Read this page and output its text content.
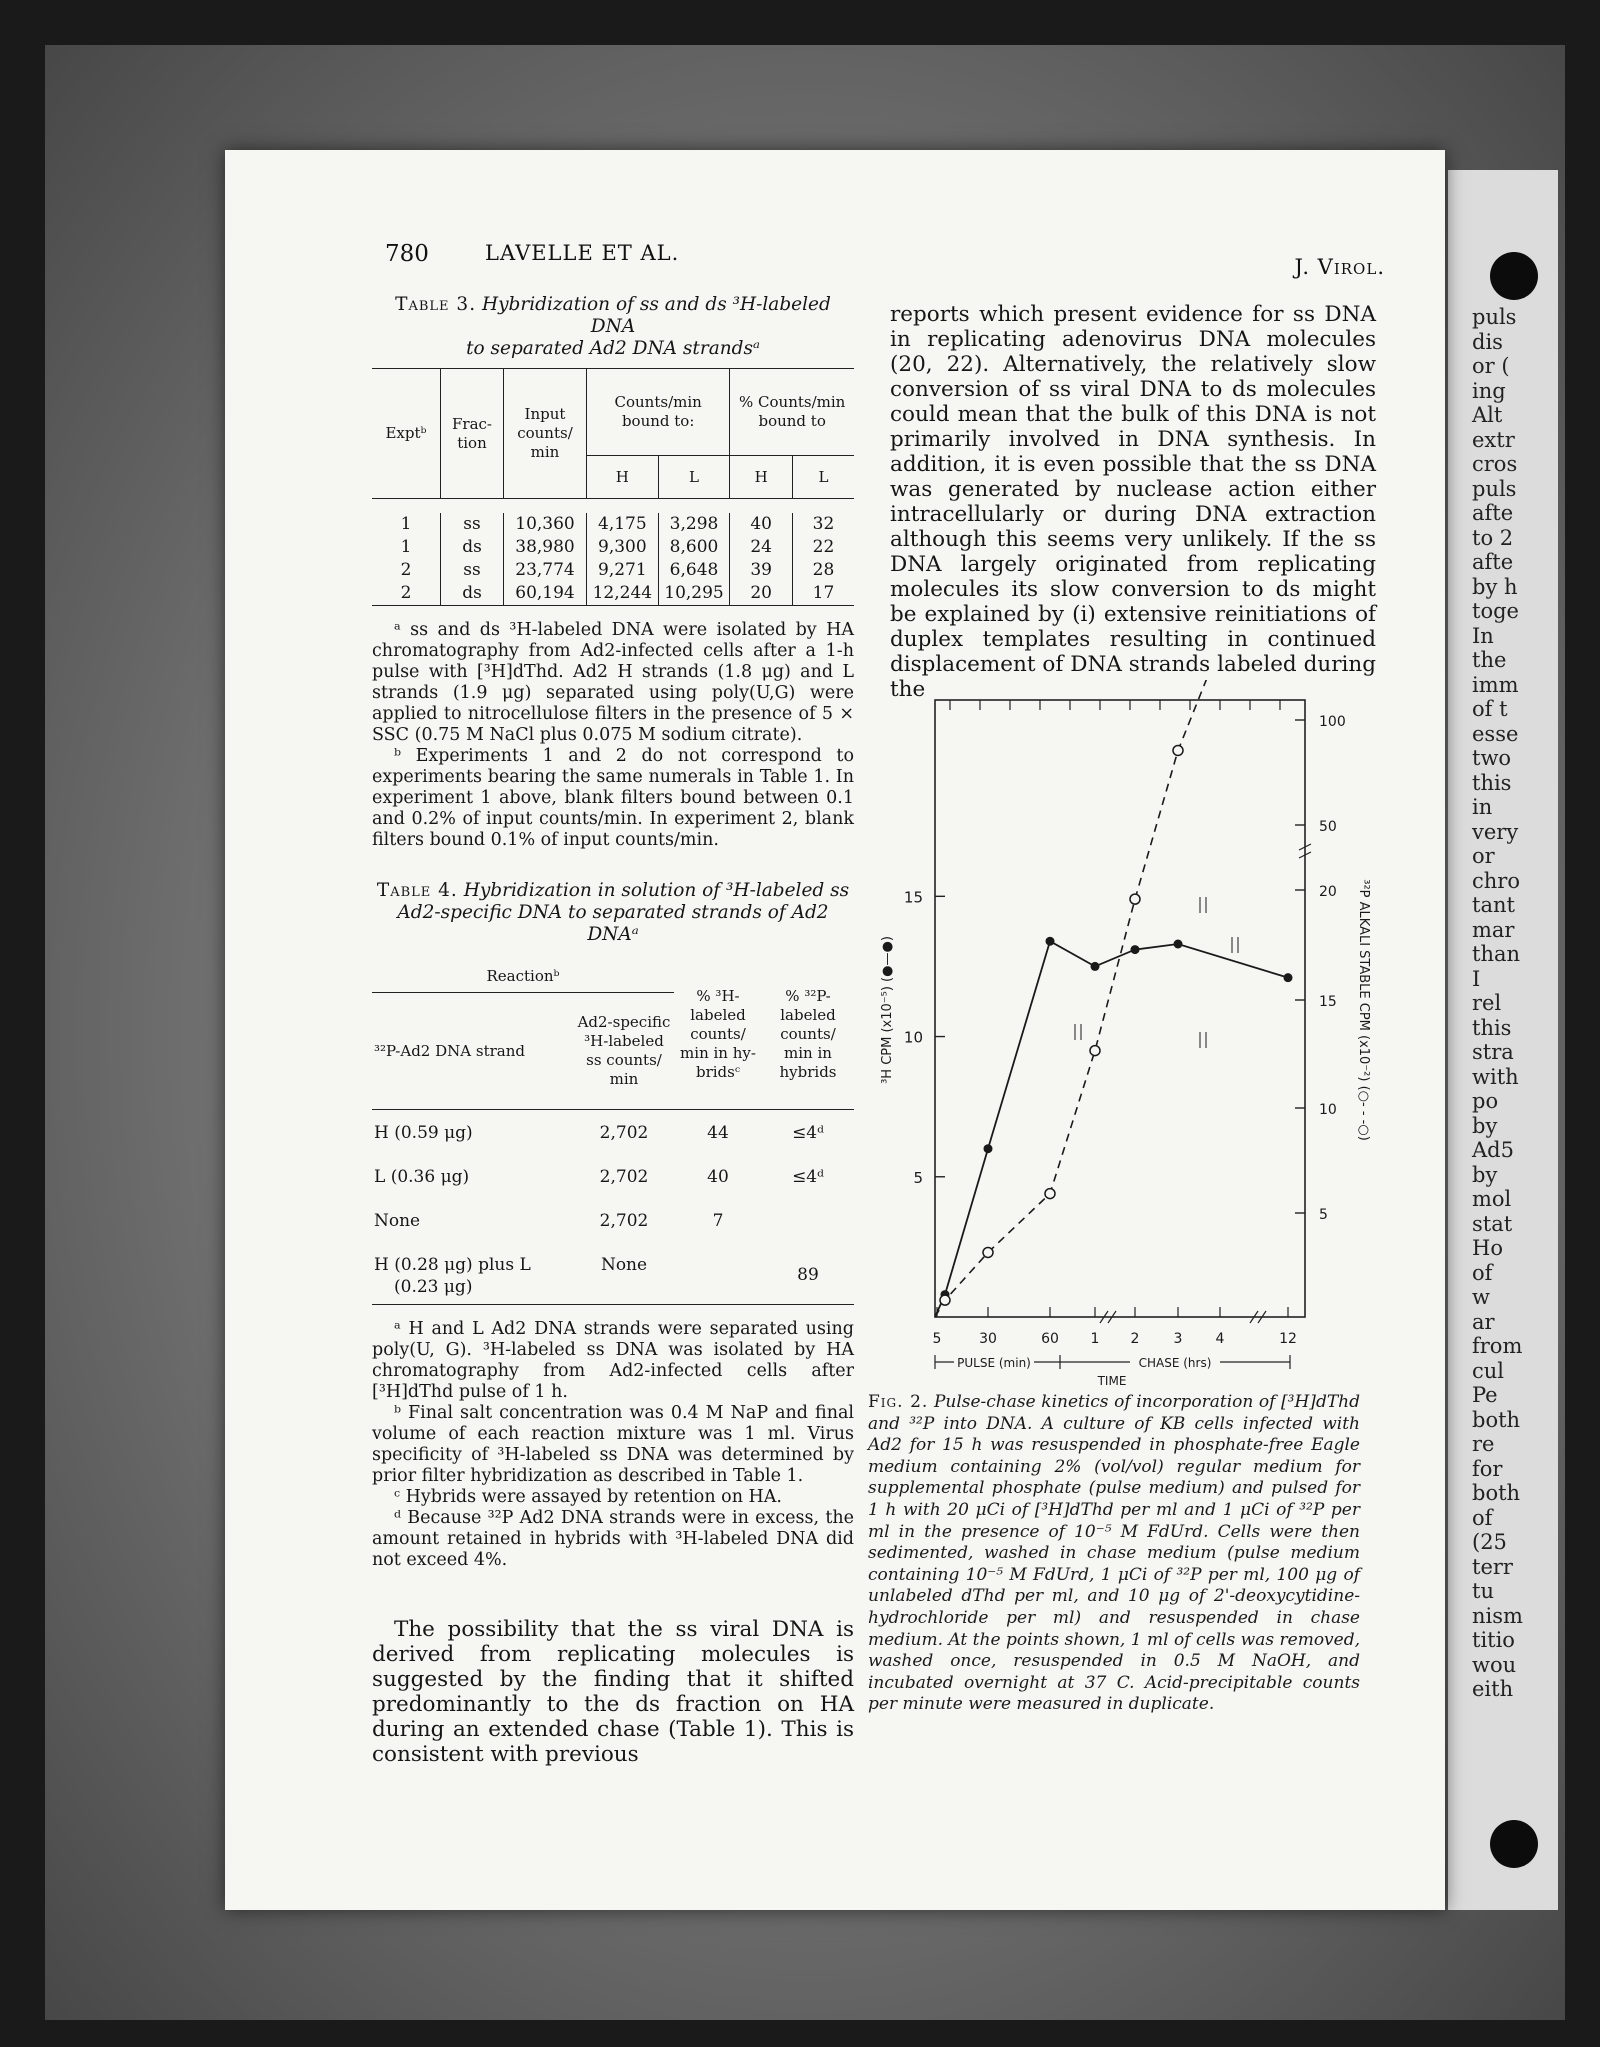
puls
dis
or (
ing
Alt
extr
cros
puls
afte
to 2
afte
by h
toge
In
the
imm
of t
esse
two
this
in
very
or
chro
tant
mar
than
I
rel
this
stra
with
po
by
Ad5
by
mol
stat
Ho
of
w
ar
from
cul
Pe
both
re
for
both
of
(25
terr
tu
nism
titio
wou
eith
780	LAVELLE ET AL.
J. Virol.
Table 3. Hybridization of ss and ds ³H-labeled DNA
to separated Ad2 DNA strandsᵃ
Exptᵇ	Frac-tion	Input counts/ min	Counts/min bound to:		% Counts/min bound to	
			H	L	H	L

1	ss	10,360	4,175	3,298	40	32
1	ds	38,980	9,300	8,600	24	22
2	ss	23,774	9,271	6,648	39	28
2	ds	60,194	12,244	10,295	20	17

ᵃ ss and ds ³H-labeled DNA were isolated by HA chromatography from Ad2-infected cells after a 1-h pulse with [³H]dThd. Ad2 H strands (1.8 μg) and L strands (1.9 μg) separated using poly(U,G) were applied to nitrocellulose filters in the presence of 5 × SSC (0.75 M NaCl plus 0.075 M sodium citrate).

ᵇ Experiments 1 and 2 do not correspond to experiments bearing the same numerals in Table 1. In experiment 1 above, blank filters bound between 0.1 and 0.2% of input counts/min. In experiment 2, blank filters bound 0.1% of input counts/min.

Table 4. Hybridization in solution of ³H-labeled ss
Ad2-specific DNA to separated strands of Ad2 DNAᵃ
Reactionᵇ		% ³H-labeled counts/ min in hy-bridsᶜ	% ³²P-labeled counts/ min in hybrids
³²P-Ad2 DNA strand	Ad2-specific ³H-labeled ss counts/ min		

H (0.59 μg)	2,702	44	≤4ᵈ
L (0.36 μg)	2,702	40	≤4ᵈ
None	2,702	7	
H (0.28 μg) plus L
(0.23 μg)	None		89

ᵃ H and L Ad2 DNA strands were separated using poly(U, G). ³H-labeled ss DNA was isolated by HA chromatography from Ad2-infected cells after [³H]dThd pulse of 1 h.

ᵇ Final salt concentration was 0.4 M NaP and final volume of each reaction mixture was 1 ml. Virus specificity of ³H-labeled ss DNA was determined by prior filter hybridization as described in Table 1.

ᶜ Hybrids were assayed by retention on HA.

ᵈ Because ³²P Ad2 DNA strands were in excess, the amount retained in hybrids with ³H-labeled DNA did not exceed 4%.

The possibility that the ss viral DNA is derived from replicating molecules is suggested by the finding that it shifted predominantly to the ds fraction on HA during an extended chase (Table 1). This is consistent with previous

reports which present evidence for ss DNA in replicating adenovirus DNA molecules (20, 22). Alternatively, the relatively slow conversion of ss viral DNA to ds molecules could mean that the bulk of this DNA is not primarily involved in DNA synthesis. In addition, it is even possible that the ss DNA was generated by nuclease action either intracellularly or during DNA extraction although this seems very unlikely. If the ss DNA largely originated from replicating molecules its slow conversion to ds might be explained by (i) extensive reinitiations of duplex templates resulting in continued displacement of DNA strands labeled during the

5
10
15
5
10
15
20
50
100
5	30	60 1 2 3 4	12
PULSE (min)	CHASE (hrs)
TIME
³H CPM (x10⁻⁵) (●—●)	³²P ALKALI STABLE CPM (x10⁻²) (○- - -○)
Fig. 2. Pulse-chase kinetics of incorporation of [³H]dThd and ³²P into DNA. A culture of KB cells infected with Ad2 for 15 h was resuspended in phosphate-free Eagle medium containing 2% (vol/vol) regular medium for supplemental phosphate (pulse medium) and pulsed for 1 h with 20 μCi of [³H]dThd per ml and 1 μCi of ³²P per ml in the presence of 10⁻⁵ M FdUrd. Cells were then sedimented, washed in chase medium (pulse medium containing 10⁻⁵ M FdUrd, 1 μCi of ³²P per ml, 100 μg of unlabeled dThd per ml, and 10 μg of 2'-deoxycytidine-hydrochloride per ml) and resuspended in chase medium. At the points shown, 1 ml of cells was removed, washed once, resuspended in 0.5 M NaOH, and incubated overnight at 37 C. Acid-precipitable counts per minute were measured in duplicate.
